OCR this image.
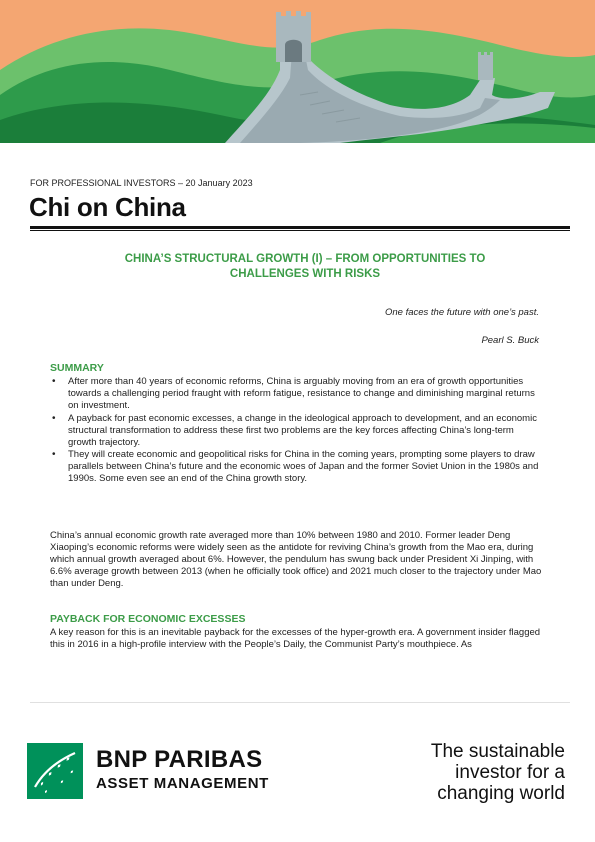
FOR PROFESSIONAL INVESTORS – 20 January 2023
Chi on China
CHINA’S STRUCTURAL GROWTH (I) – FROM OPPORTUNITIES TO
CHALLENGES WITH RISKS
One faces the future with one’s past.
Pearl S. Buck
SUMMARY
• After more than 40 years of economic reforms, China is arguably moving from an era of growth opportunities towards a challenging period fraught with reform fatigue, resistance to change and diminishing marginal returns on investment.
• A payback for past economic excesses, a change in the ideological approach to development, and an economic structural transformation to address these first two problems are the key forces affecting China’s long-term growth trajectory.
• They will create economic and geopolitical risks for China in the coming years, prompting some players to draw parallels between China’s future and the economic woes of Japan and the former Soviet Union in the 1980s and 1990s. Some even see an end of the China growth story.

China’s annual economic growth rate averaged more than 10% between 1980 and 2010. Former leader Deng Xiaoping’s economic reforms were widely seen as the antidote for reviving China’s growth from the Mao era, during which annual growth averaged about 6%. However, the pendulum has swung back under President Xi Jinping, with 6.6% average growth between 2013 (when he officially took office) and 2021 much closer to the trajectory under Mao than under Deng.

PAYBACK FOR ECONOMIC EXCESSES

A key reason for this is an inevitable payback for the excesses of the hyper-growth era. A government insider flagged this in 2016 in a high-profile interview with the People’s Daily, the Communist Party’s mouthpiece. As

BNP PARIBAS
ASSET MANAGEMENT
The sustainable
investor for a
changing world
